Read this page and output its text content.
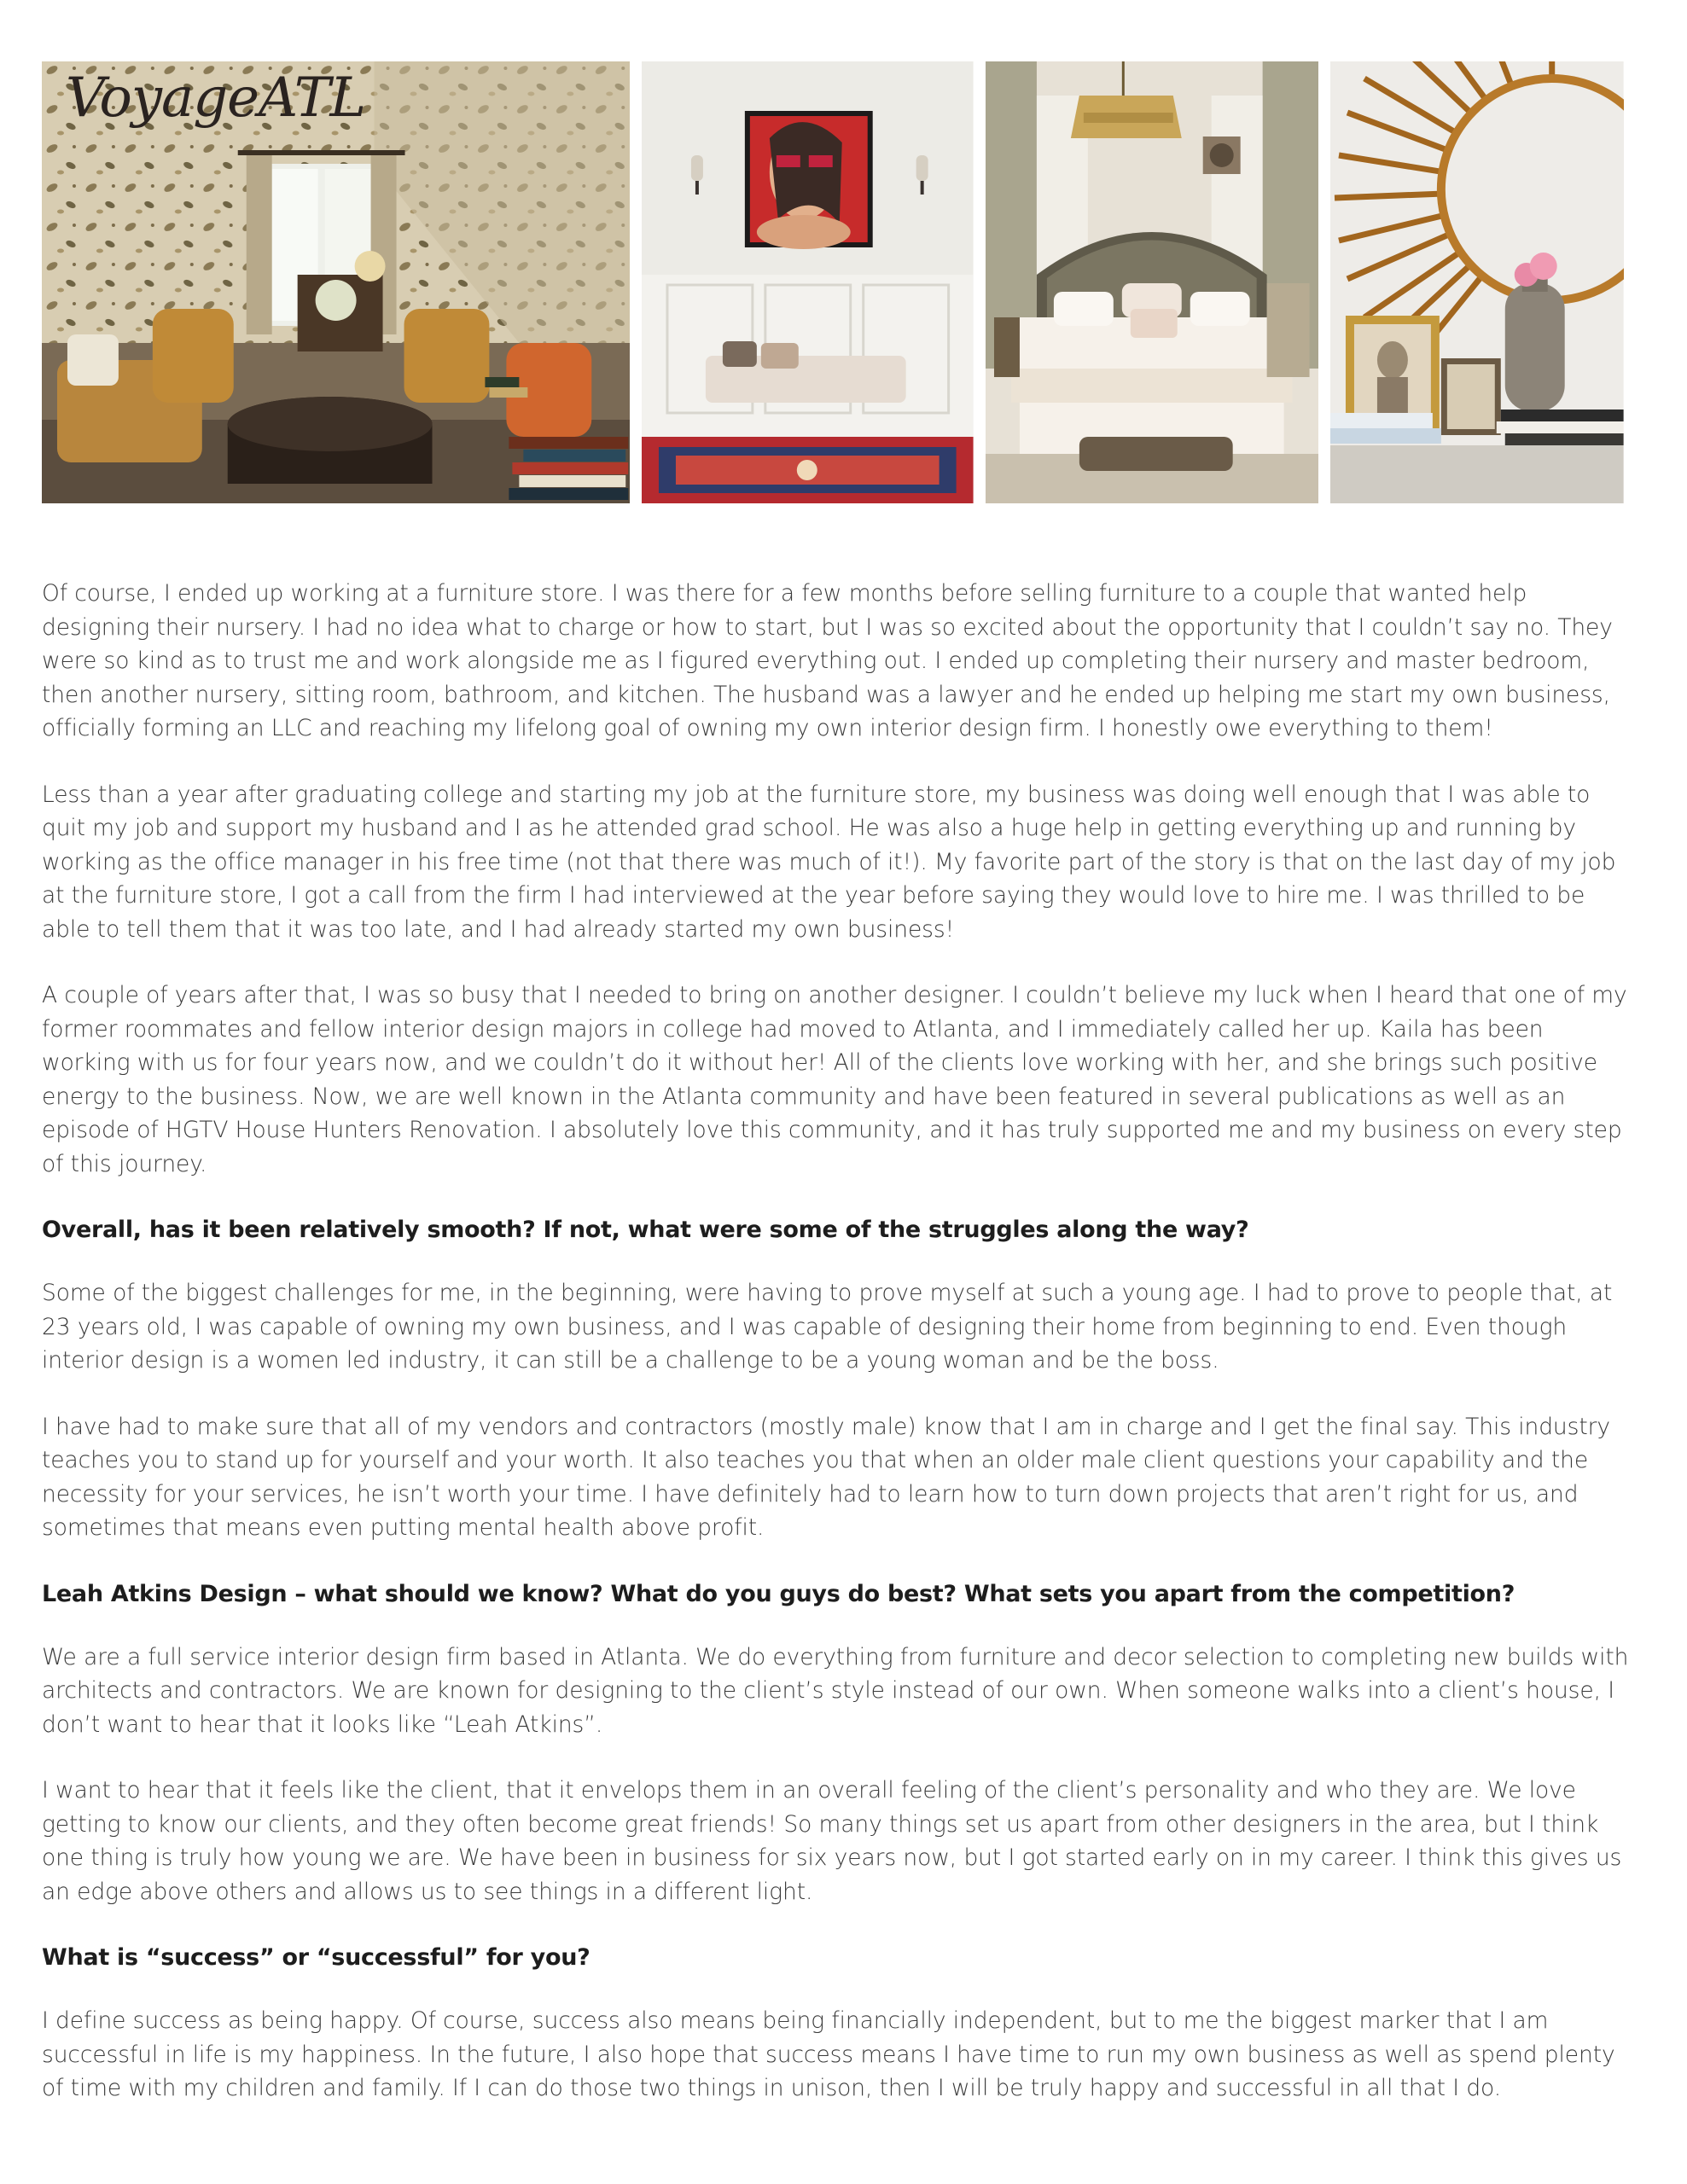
VoyageATL

Of course, I ended up working at a furniture store. I was there for a few months before selling furniture to a couple that wanted help designing their nursery. I had no idea what to charge or how to start, but I was so excited about the opportunity that I couldn’t say no. They were so kind as to trust me and work alongside me as I figured everything out. I ended up completing their nursery and master bedroom, then another nursery, sitting room, bathroom, and kitchen. The husband was a lawyer and he ended up helping me start my own business, officially forming an LLC and reaching my lifelong goal of owning my own interior design firm. I honestly owe everything to them!

Less than a year after graduating college and starting my job at the furniture store, my business was doing well enough that I was able to quit my job and support my husband and I as he attended grad school. He was also a huge help in getting everything up and running by working as the office manager in his free time (not that there was much of it!). My favorite part of the story is that on the last day of my job at the furniture store, I got a call from the firm I had interviewed at the year before saying they would love to hire me. I was thrilled to be able to tell them that it was too late, and I had already started my own business!

A couple of years after that, I was so busy that I needed to bring on another designer. I couldn’t believe my luck when I heard that one of my former roommates and fellow interior design majors in college had moved to Atlanta, and I immediately called her up. Kaila has been working with us for four years now, and we couldn’t do it without her! All of the clients love working with her, and she brings such positive energy to the business. Now, we are well known in the Atlanta community and have been featured in several publications as well as an episode of HGTV House Hunters Renovation. I absolutely love this community, and it has truly supported me and my business on every step of this journey.

Overall, has it been relatively smooth? If not, what were some of the struggles along the way?

Some of the biggest challenges for me, in the beginning, were having to prove myself at such a young age. I had to prove to people that, at 23 years old, I was capable of owning my own business, and I was capable of designing their home from beginning to end. Even though interior design is a women led industry, it can still be a challenge to be a young woman and be the boss.

I have had to make sure that all of my vendors and contractors (mostly male) know that I am in charge and I get the final say. This industry teaches you to stand up for yourself and your worth. It also teaches you that when an older male client questions your capability and the necessity for your services, he isn’t worth your time. I have definitely had to learn how to turn down projects that aren’t right for us, and sometimes that means even putting mental health above profit.

Leah Atkins Design – what should we know? What do you guys do best? What sets you apart from the competition?

We are a full service interior design firm based in Atlanta. We do everything from furniture and decor selection to completing new builds with architects and contractors. We are known for designing to the client’s style instead of our own. When someone walks into a client’s house, I don’t want to hear that it looks like “Leah Atkins”.

I want to hear that it feels like the client, that it envelops them in an overall feeling of the client’s personality and who they are. We love getting to know our clients, and they often become great friends! So many things set us apart from other designers in the area, but I think one thing is truly how young we are. We have been in business for six years now, but I got started early on in my career. I think this gives us an edge above others and allows us to see things in a different light.

What is “success” or “successful” for you?

I define success as being happy. Of course, success also means being financially independent, but to me the biggest marker that I am successful in life is my happiness. In the future, I also hope that success means I have time to run my own business as well as spend plenty of time with my children and family. If I can do those two things in unison, then I will be truly happy and successful in all that I do.
